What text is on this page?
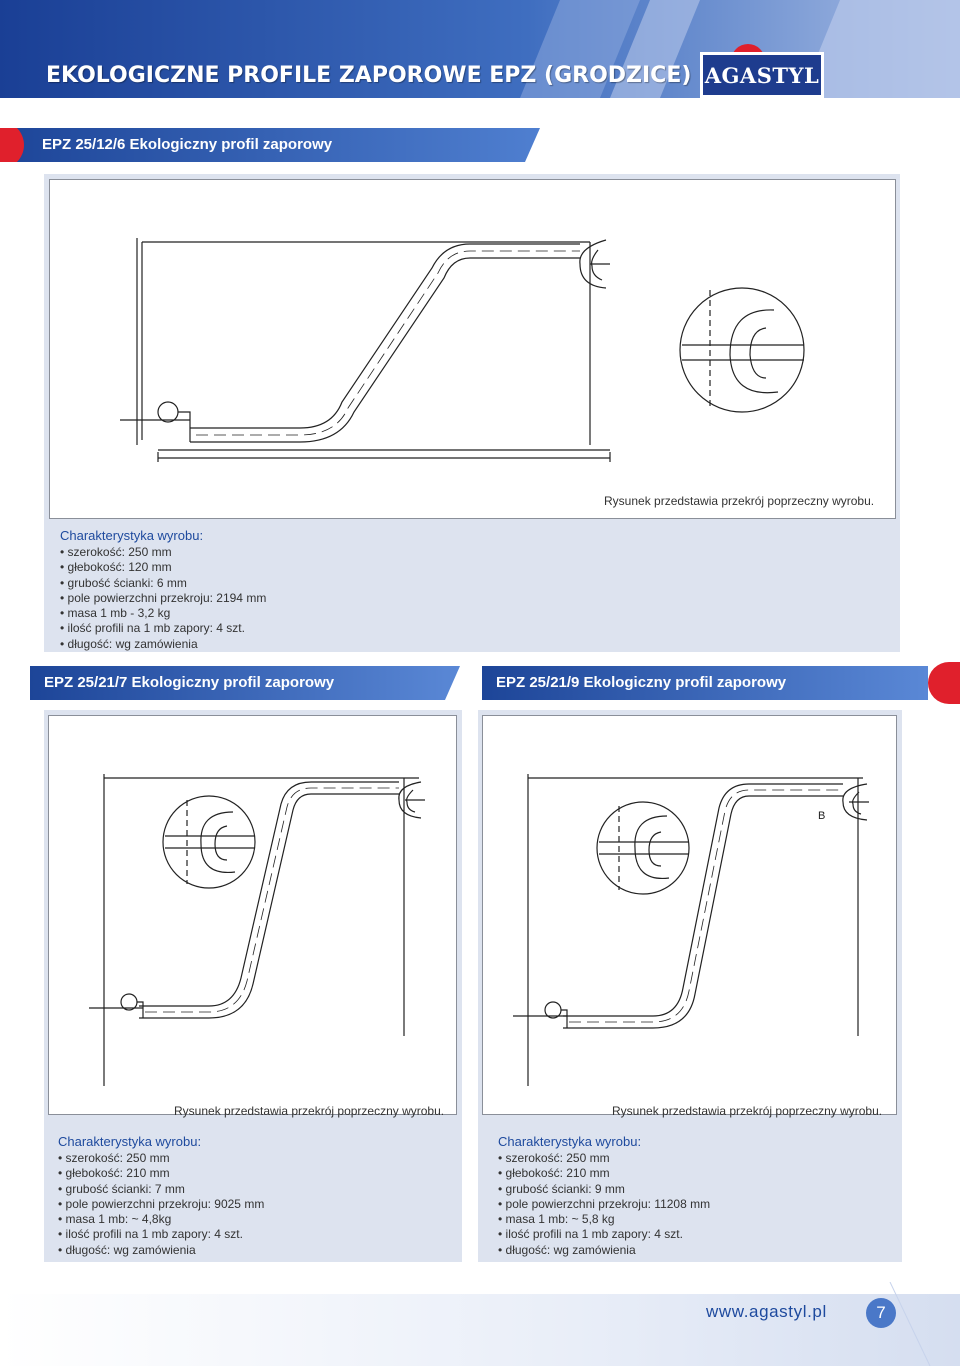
EKOLOGICZNE PROFILE ZAPOROWE EPZ (GRODZICE) AGASTYL
EPZ 25/12/6 Ekologiczny profil zaporowy
Rysunek przedstawia przekrój poprzeczny wyrobu.
Charakterystyka wyrobu:
• szerokość: 250 mm
• głebokość: 120 mm
• grubość ścianki: 6 mm
• pole powierzchni przekroju: 2194 mm
• masa 1 mb - 3,2 kg
• ilość profili na 1 mb zapory: 4 szt.
• długość: wg zamówienia
EPZ 25/21/7 Ekologiczny profil zaporowy	EPZ 25/21/9 Ekologiczny profil zaporowy
Rysunek przedstawia przekrój poprzeczny wyrobu.
Charakterystyka wyrobu:
• szerokość: 250 mm
• głebokość: 210 mm
• grubość ścianki: 7 mm
• pole powierzchni przekroju: 9025 mm
• masa 1 mb: ~ 4,8kg
• ilość profili na 1 mb zapory: 4 szt.
• długość: wg zamówienia
B
Rysunek przedstawia przekrój poprzeczny wyrobu.
Charakterystyka wyrobu:
• szerokość: 250 mm
• głebokość: 210 mm
• grubość ścianki: 9 mm
• pole powierzchni przekroju: 11208 mm
• masa 1 mb: ~ 5,8 kg
• ilość profili na 1 mb zapory: 4 szt.
• długość: wg zamówienia
www.agastyl.pl	7
